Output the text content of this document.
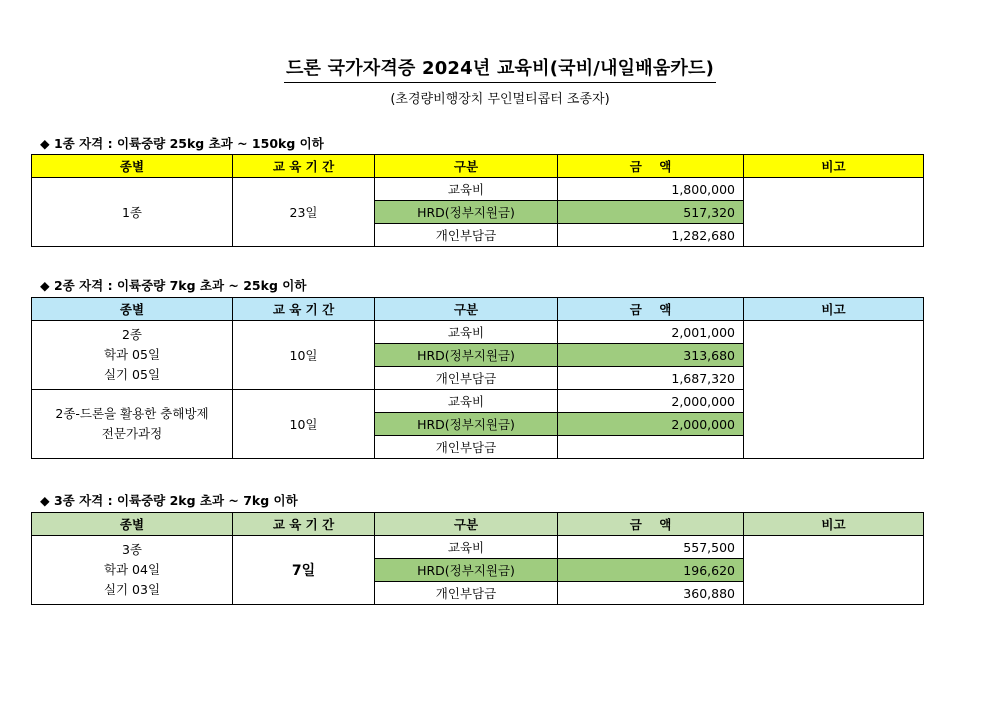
드론 국가자격증 2024년 교육비(국비/내일배움카드)
(초경량비행장치 무인멀티콥터 조종자)
◆ 1종 자격 : 이륙중량 25kg 초과 ~ 150kg 이하
종별	교 육 기 간	구분	금    액	비고
1종	23일	교육비	1,800,000	
		HRD(정부지원금)	517,320	
		개인부담금	1,282,680	
◆ 2종 자격 : 이륙중량 7kg 초과 ~ 25kg 이하
종별	교 육 기 간	구분	금    액	비고

2종
학과 05일
실기 05일	10일	교육비	2,001,000	
		HRD(정부지원금)	313,680	
		개인부담금	1,687,320	

2종-드론을 활용한 충해방제
전문가과정	10일	교육비	2,000,000	
		HRD(정부지원금)	2,000,000	
		개인부담금		
◆ 3종 자격 : 이륙중량 2kg 초과 ~ 7kg 이하
종별	교 육 기 간	구분	금    액	비고

3종
학과 04일
실기 03일	7일	교육비	557,500	
		HRD(정부지원금)	196,620	
		개인부담금	360,880	
